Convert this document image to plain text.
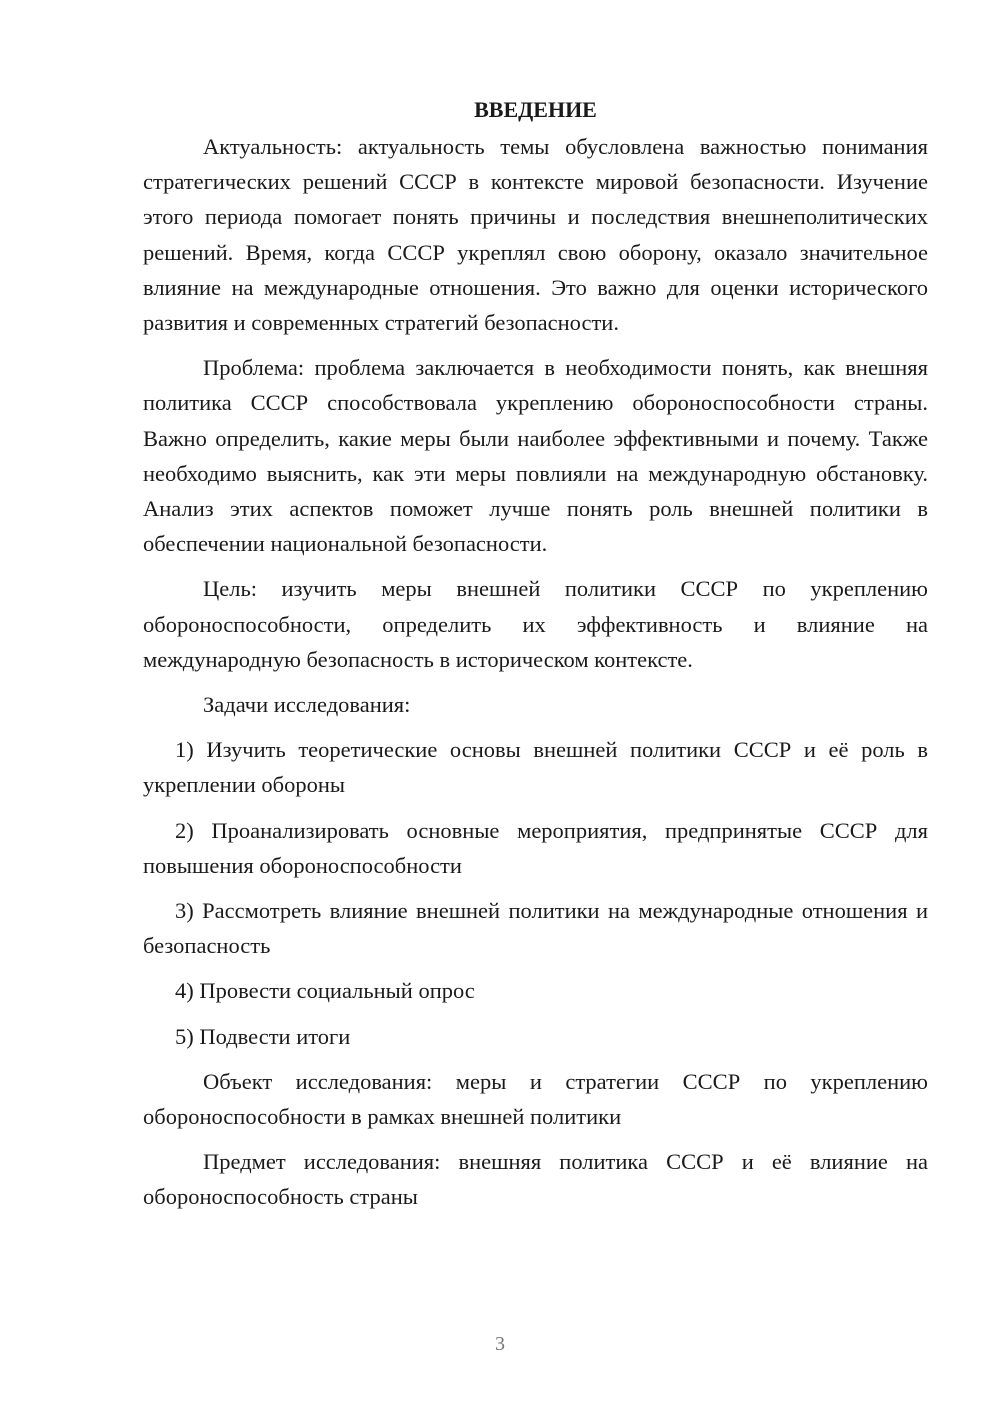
ВВЕДЕНИЕ

Актуальность: актуальность темы обусловлена важностью понимания стратегических решений СССР в контексте мировой безопасности. Изучение этого периода помогает понять причины и последствия внешнеполитических решений. Время, когда СССР укреплял свою оборону, оказало значительное влияние на международные отношения. Это важно для оценки исторического развития и современных стратегий безопасности.

Проблема: проблема заключается в необходимости понять, как внешняя политика СССР способствовала укреплению обороноспособности страны. Важно определить, какие меры были наиболее эффективными и почему. Также необходимо выяснить, как эти меры повлияли на международную обстановку. Анализ этих аспектов поможет лучше понять роль внешней политики в обеспечении национальной безопасности.

Цель: изучить меры внешней политики СССР по укреплению обороноспособности, определить их эффективность и влияние на международную безопасность в историческом контексте.

Задачи исследования:

1) Изучить теоретические основы внешней политики СССР и её роль в укреплении обороны

2) Проанализировать основные мероприятия, предпринятые СССР для повышения обороноспособности

3) Рассмотреть влияние внешней политики на международные отношения и безопасность

4) Провести социальный опрос

5) Подвести итоги

Объект исследования: меры и стратегии СССР по укреплению обороноспособности в рамках внешней политики

Предмет исследования: внешняя политика СССР и её влияние на обороноспособность страны

3
